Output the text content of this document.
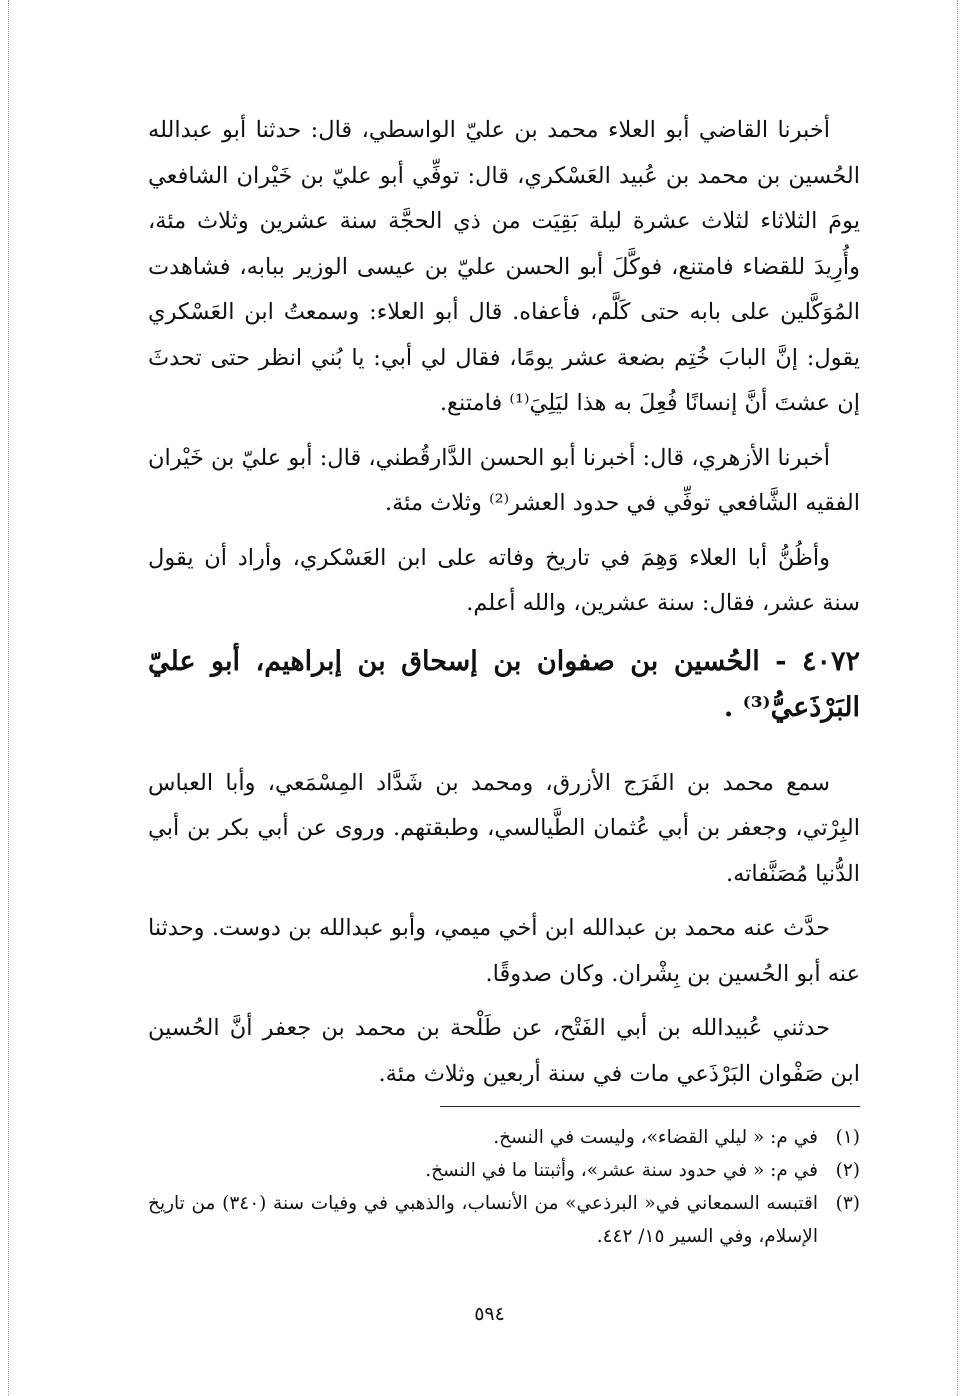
أخبرنا القاضي أبو العلاء محمد بن عليّ الواسطي، قال: حدثنا أبو عبدالله الحُسين بن محمد بن عُبيد العَسْكري، قال: توفِّي أبو عليّ بن خَيْران الشافعي يومَ الثلاثاء لثلاث عشرة ليلة بَقِيَت من ذي الحجَّة سنة عشرين وثلاث مئة، وأُرِيدَ للقضاء فامتنع، فوكَّلَ أبو الحسن عليّ بن عيسى الوزير ببابه، فشاهدت المُوَكَّلين على بابه حتى كَلَّم، فأعفاه. قال أبو العلاء: وسمعتُ ابن العَسْكري يقول: إنَّ البابَ خُتِم بضعة عشر يومًا، فقال لي أبي: يا بُني انظر حتى تحدثَ إن عشتَ أنَّ إنسانًا فُعِلَ به هذا ليَلِيَ⁽¹⁾ فامتنع.

أخبرنا الأزهري، قال: أخبرنا أبو الحسن الدَّارقُطني، قال: أبو عليّ بن خَيْران الفقيه الشَّافعي توفِّي في حدود العشر⁽²⁾ وثلاث مئة.

وأظُنُّ أبا العلاء وَهِمَ في تاريخ وفاته على ابن العَسْكري، وأراد أن يقول سنة عشر، فقال: سنة عشرين، والله أعلم.

٤٠٧٢ - الحُسين بن صفوان بن إسحاق بن إبراهيم، أبو عليّ البَرْذَعيُّ⁽³⁾ .

سمع محمد بن الفَرَج الأزرق، ومحمد بن شَدَّاد المِسْمَعي، وأبا العباس البِرْتي، وجعفر بن أبي عُثمان الطَّيالسي، وطبقتهم. وروى عن أبي بكر بن أبي الدُّنيا مُصَنَّفاته.

حدَّث عنه محمد بن عبدالله ابن أخي ميمي، وأبو عبدالله بن دوست. وحدثنا عنه أبو الحُسين بن بِشْران. وكان صدوقًا.

حدثني عُبيدالله بن أبي الفَتْح، عن طَلْحة بن محمد بن جعفر أنَّ الحُسين ابن صَفْوان البَرْذَعي مات في سنة أربعين وثلاث مئة.

(١)
في م: « ليلي القضاء»، وليست في النسخ.
(٢)
في م: « في حدود سنة عشر»، وأثبتنا ما في النسخ.
(٣)
اقتبسه السمعاني في« البرذعي» من الأنساب، والذهبي في وفيات سنة (٣٤٠) من تاريخ الإسلام، وفي السير ١٥/ ٤٤٢.
٥٩٤
